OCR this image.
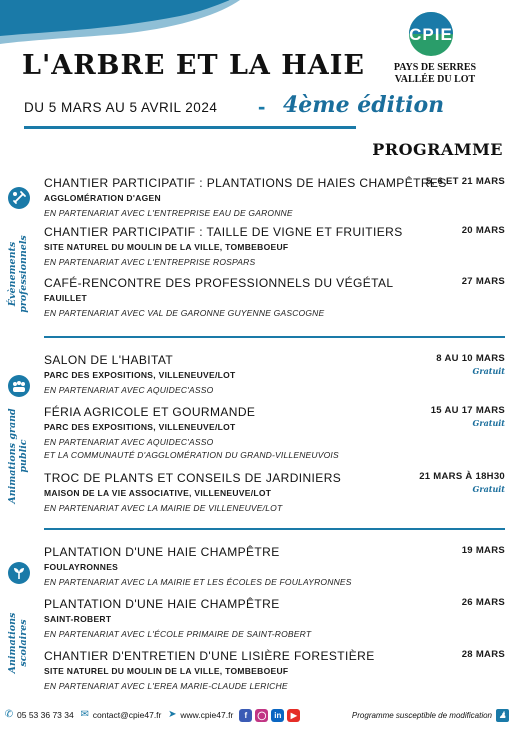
CPIE
PAYS DE SERRES
VALLÉE DU LOT
L'ARBRE ET LA HAIE
DU 5 MARS AU 5 AVRIL 2024 - 4ème édition
PROGRAMME
Évènements professionnels
CHANTIER PARTICIPATIF : PLANTATIONS DE HAIES CHAMPÊTRES
AGGLOMÉRATION D'AGEN
EN PARTENARIAT AVEC L'ENTREPRISE EAU DE GARONNE
5, 6 ET 21 MARS
CHANTIER PARTICIPATIF : TAILLE DE VIGNE ET FRUITIERS
SITE NATUREL DU MOULIN DE LA VILLE, TOMBEBOEUF
EN PARTENARIAT AVEC L'ENTREPRISE ROSPARS
20 MARS
CAFÉ-RENCONTRE DES PROFESSIONNELS DU VÉGÉTAL
FAUILLET
EN PARTENARIAT AVEC VAL DE GARONNE GUYENNE GASCOGNE
27 MARS
Animations grand public
SALON DE L'HABITAT
PARC DES EXPOSITIONS, VILLENEUVE/LOT
EN PARTENARIAT AVEC AQUIDEC'ASSO
8 AU 10 MARS
Gratuit
FÉRIA AGRICOLE ET GOURMANDE
PARC DES EXPOSITIONS, VILLENEUVE/LOT
EN PARTENARIAT AVEC AQUIDEC'ASSO
ET LA COMMUNAUTÉ D'AGGLOMÉRATION DU GRAND-VILLENEUVOIS
15 AU 17 MARS
Gratuit
TROC DE PLANTS ET CONSEILS DE JARDINIERS
MAISON DE LA VIE ASSOCIATIVE, VILLENEUVE/LOT
EN PARTENARIAT AVEC LA MAIRIE DE VILLENEUVE/LOT
21 MARS À 18H30
Gratuit
Animations scolaires
PLANTATION D'UNE HAIE CHAMPÊTRE
FOULAYRONNES
EN PARTENARIAT AVEC LA MAIRIE ET LES ÉCOLES DE FOULAYRONNES
19 MARS
PLANTATION D'UNE HAIE CHAMPÊTRE
SAINT-ROBERT
EN PARTENARIAT AVEC L'ÉCOLE PRIMAIRE DE SAINT-ROBERT
26 MARS
CHANTIER D'ENTRETIEN D'UNE LISIÈRE FORESTIÈRE
SITE NATUREL DU MOULIN DE LA VILLE, TOMBEBOEUF
EN PARTENARIAT AVEC L'EREA MARIE-CLAUDE LERICHE
28 MARS
✆ 05 53 36 73 34 ✉ contact@cpie47.fr ➤ www.cpie47.fr	f	◯ in	▶	Programme susceptible de modification ♟
